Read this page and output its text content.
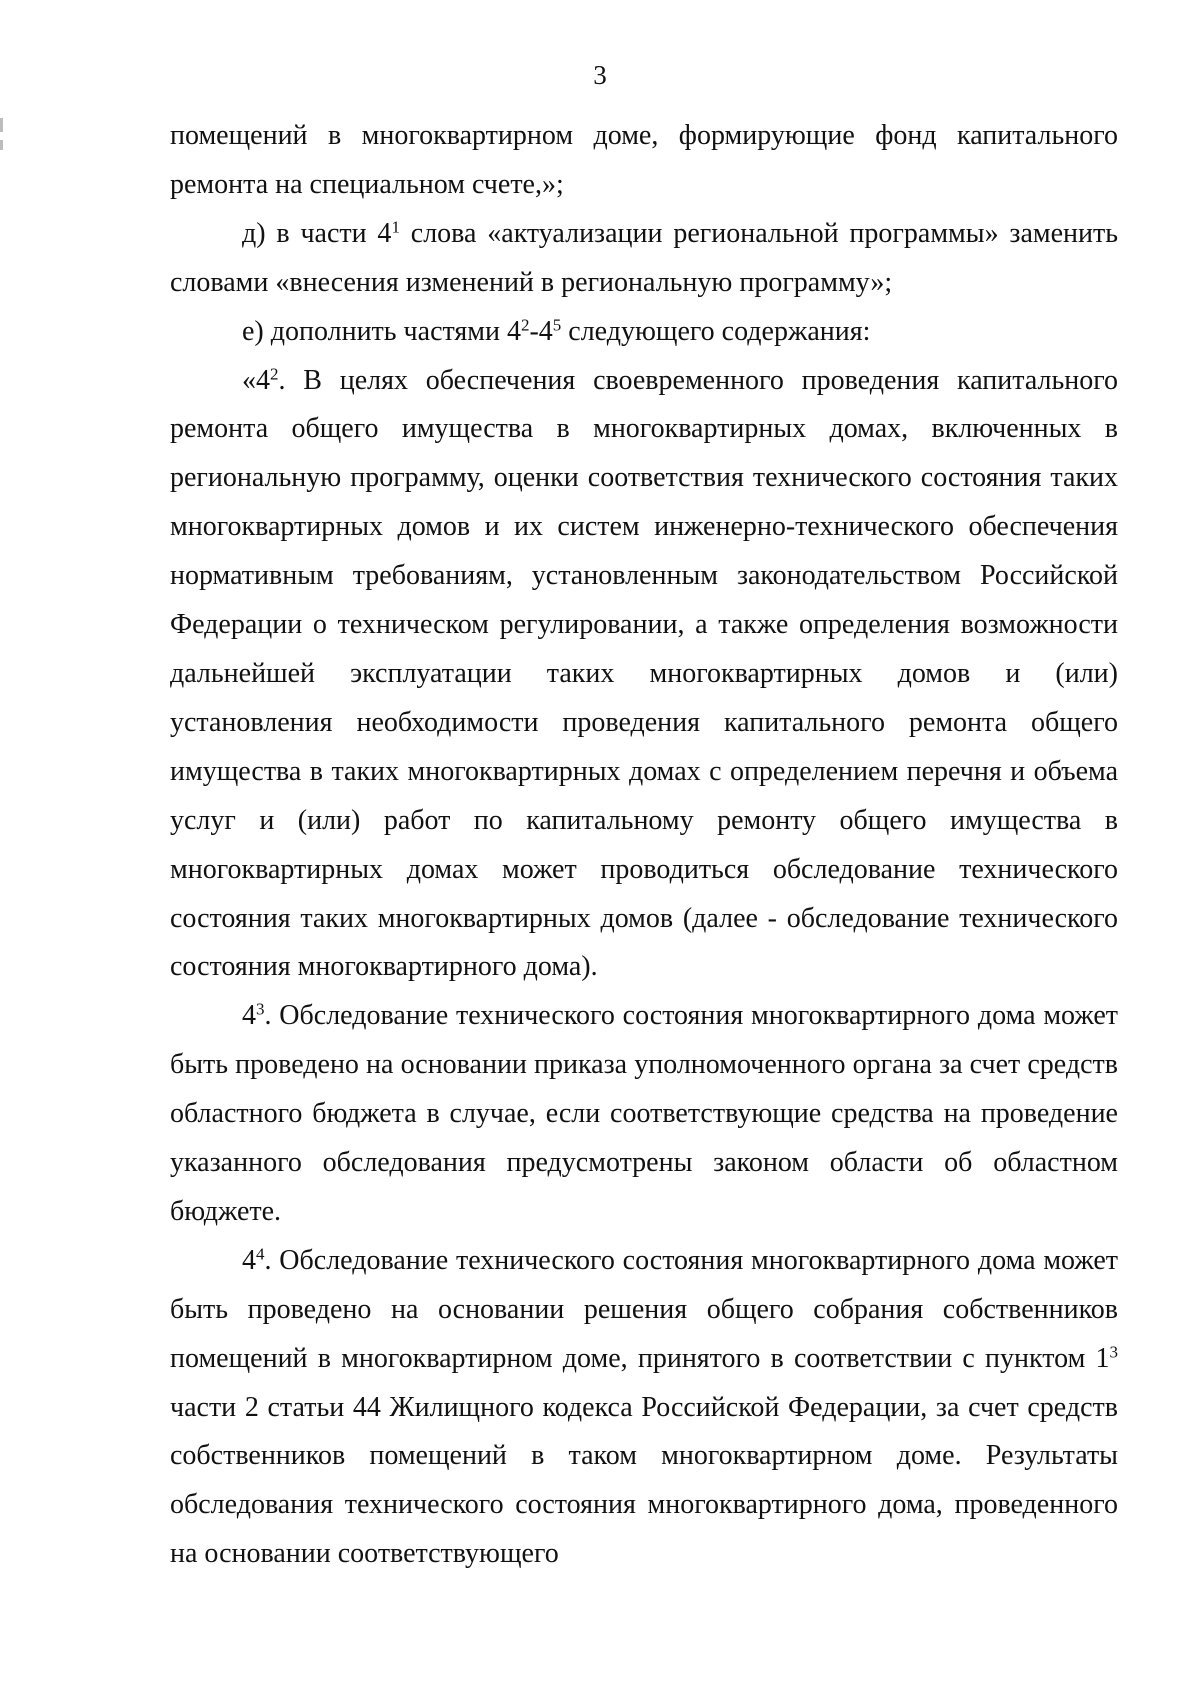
3

помещений в многоквартирном доме, формирующие фонд капитального ремонта на специальном счете,»;

д) в части $4^1$ слова «актуализации региональной программы» заменить словами «внесения изменений в региональную программу»;

е) дополнить частями $4^2-4^5$ следующего содержания:

«$4^2$. В целях обеспечения своевременного проведения капитального ремонта общего имущества в многоквартирных домах, включенных в региональную программу, оценки соответствия технического состояния таких многоквартирных домов и их систем инженерно-технического обеспечения нормативным требованиям, установленным законодательством Российской Федерации о техническом регулировании, а также определения возможности дальнейшей эксплуатации таких многоквартирных домов и (или) установления необходимости проведения капитального ремонта общего имущества в таких многоквартирных домах с определением перечня и объема услуг и (или) работ по капитальному ремонту общего имущества в многоквартирных домах может проводиться обследование технического состояния таких многоквартирных домов (далее - обследование технического состояния многоквартирного дома).

$4^3$. Обследование технического состояния многоквартирного дома может быть проведено на основании приказа уполномоченного органа за счет средств областного бюджета в случае, если соответствующие средства на проведение указанного обследования предусмотрены законом области об областном бюджете.

$4^4$. Обследование технического состояния многоквартирного дома может быть проведено на основании решения общего собрания собственников помещений в многоквартирном доме, принятого в соответствии с пунктом $1^3$ части 2 статьи 44 Жилищного кодекса Российской Федерации, за счет средств собственников помещений в таком многоквартирном доме. Результаты обследования технического состояния многоквартирного дома, проведенного на основании соответствующего
